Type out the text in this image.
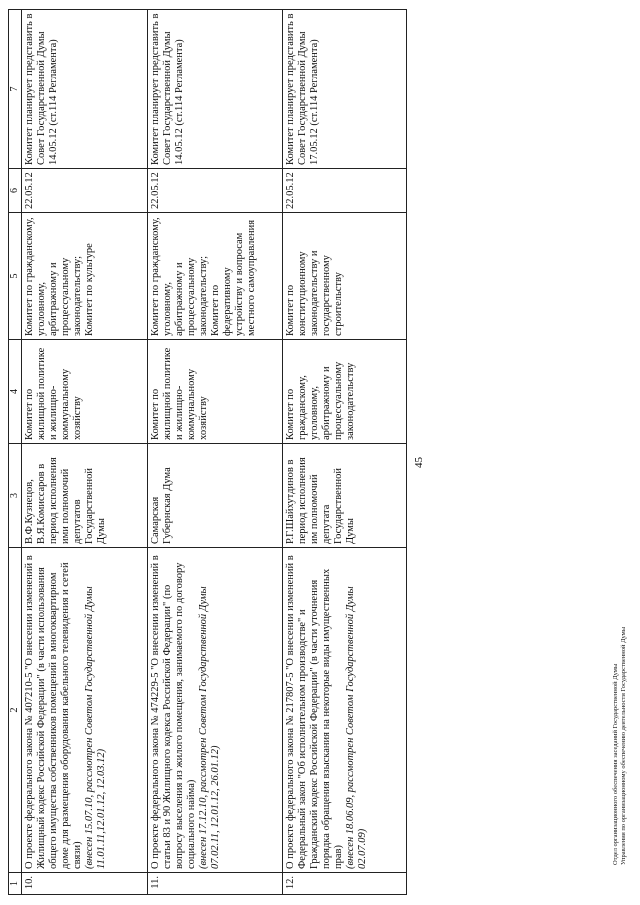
1	2	3	4	5	6	7
10.	О проекте федерального закона № 407210-5 "О внесении изменений в Жилищный кодекс Российской Федерации" (в части использования общего имущества собственников помещений в многоквартирном доме для размещения оборудования кабельного телевидения и сетей связи) (внесен 15.07.10, рассмотрен Советом Государственной Думы 11.01.11,12.01.12, 12.03.12)	В.Ф.Кузнецов, В.Я.Комиссаров в период исполнения ими полномочий депутатов Государственной Думы	Комитет по жилищной политике и жилищно-коммунальному хозяйству	Комитет по гражданскому, уголовному, арбитражному и процессуальному законодательству; Комитет по культуре	22.05.12	Комитет планирует представить в Совет Государственной Думы 14.05.12 (ст.114 Регламента)
11.	О проекте федерального закона № 474229-5 "О внесении изменений в статьи 83 и 90 Жилищного кодекса Российской Федерации" (по вопросу выселения из жилого помещения, занимаемого по договору социального найма) (внесен 17.12.10, рассмотрен Советом Государственной Думы 07.02.11, 12.01.12, 26.01.12)	Самарская Губернская Дума	Комитет по жилищной политике и жилищно-коммунальному хозяйству	Комитет по гражданскому, уголовному, арбитражному и процессуальному законодательству; Комитет по федеративному устройству и вопросам местного самоуправления	22.05.12	Комитет планирует представить в Совет Государственной Думы 14.05.12 (ст.114 Регламента)
12.	О проекте федерального закона № 217807-5 "О внесении изменений в Федеральный закон "Об исполнительном производстве" и Гражданский кодекс Российской Федерации" (в части уточнения порядка обращения взыскания на некоторые виды имущественных прав) (внесен 18.06.09, рассмотрен Советом Государственной Думы 02.07.09)	Р.Г.Шайхутдинов в период исполнения им полномочий депутата Государственной Думы	Комитет по гражданскому, уголовному, арбитражному и процессуальному законодательству	Комитет по конституционному законодательству и государственному строительству	22.05.12	Комитет планирует представить в Совет Государственной Думы 17.05.12 (ст.114 Регламента)
45
Отдел организационного обеспечения заседаний Государственной Думы Управления по организационному обеспечению деятельности Государственной Думы
